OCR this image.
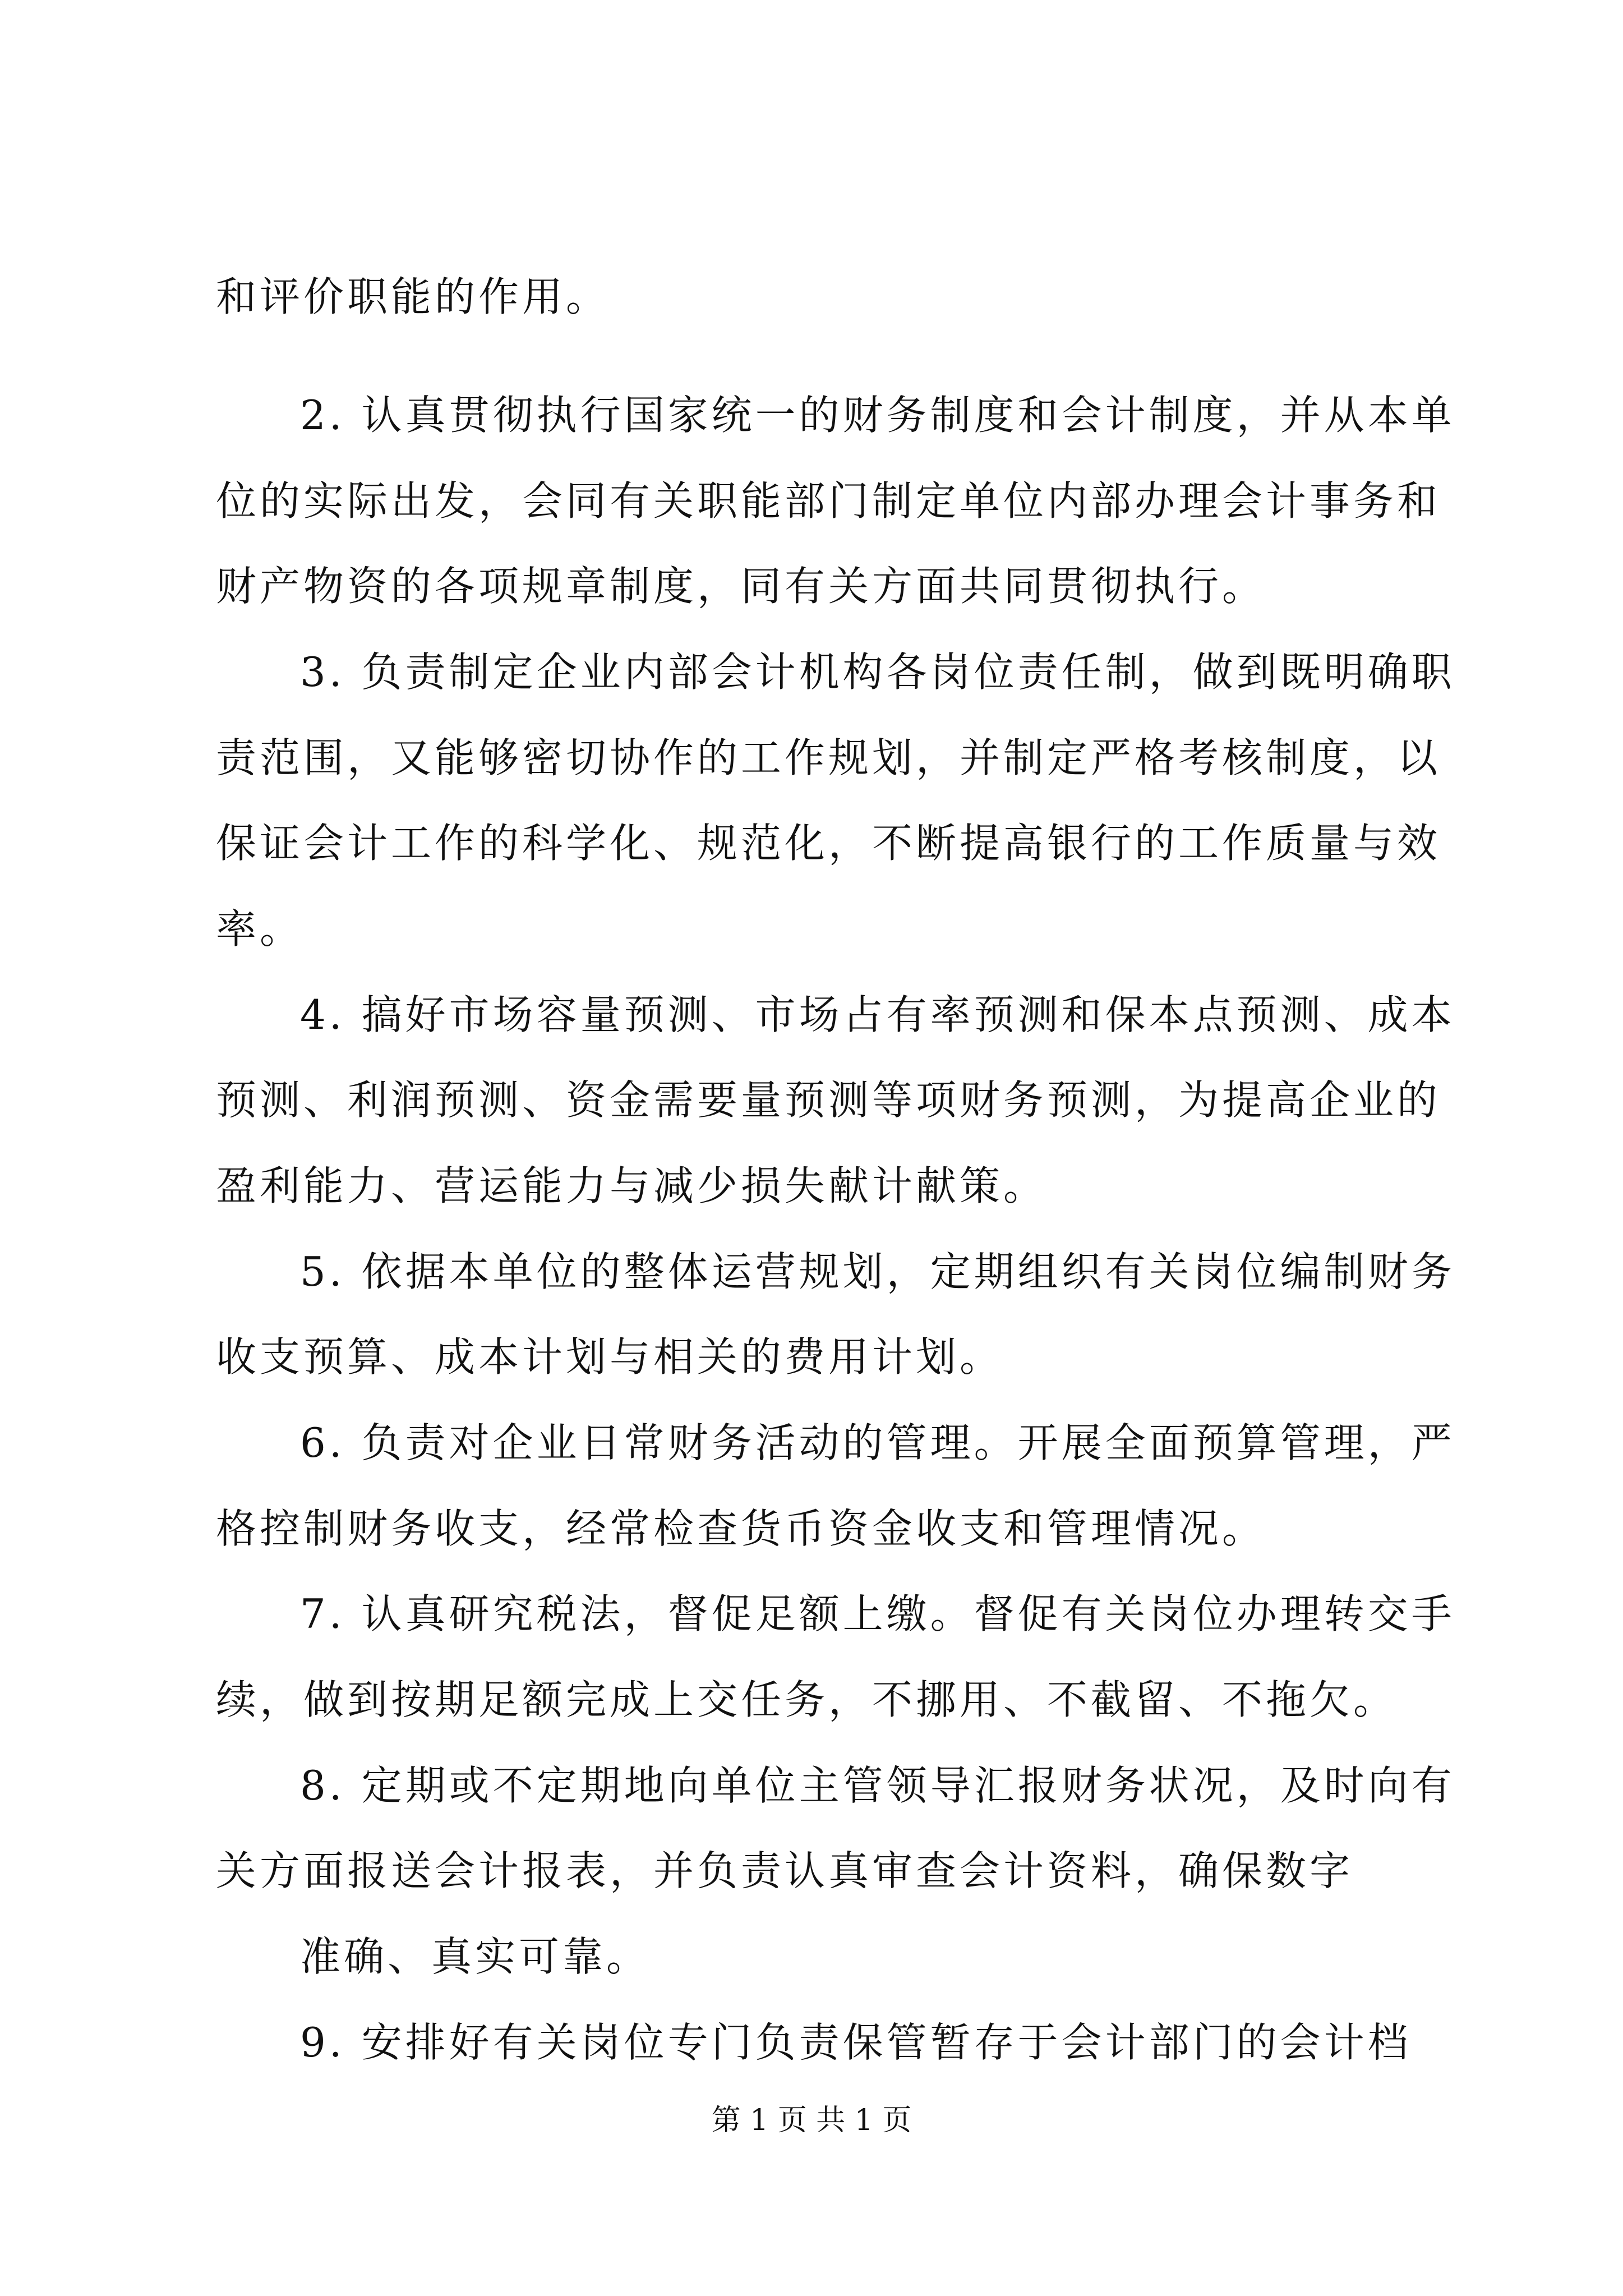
和评价职能的作用。
2. 认真贯彻执行国家统一的财务制度和会计制度，并从本单
位的实际出发，会同有关职能部门制定单位内部办理会计事务和
财产物资的各项规章制度，同有关方面共同贯彻执行。
3. 负责制定企业内部会计机构各岗位责任制，做到既明确职
责范围，又能够密切协作的工作规划，并制定严格考核制度，以
保证会计工作的科学化、规范化，不断提高银行的工作质量与效
率。
4. 搞好市场容量预测、市场占有率预测和保本点预测、成本
预测、利润预测、资金需要量预测等项财务预测，为提高企业的
盈利能力、营运能力与减少损失献计献策。
5. 依据本单位的整体运营规划，定期组织有关岗位编制财务
收支预算、成本计划与相关的费用计划。
6. 负责对企业日常财务活动的管理。开展全面预算管理，严
格控制财务收支，经常检查货币资金收支和管理情况。
7. 认真研究税法，督促足额上缴。督促有关岗位办理转交手
续，做到按期足额完成上交任务，不挪用、不截留、不拖欠。
8. 定期或不定期地向单位主管领导汇报财务状况，及时向有
关方面报送会计报表，并负责认真审查会计资料，确保数字
准确、真实可靠。
9. 安排好有关岗位专门负责保管暂存于会计部门的会计档
第 1 页 共 1 页
